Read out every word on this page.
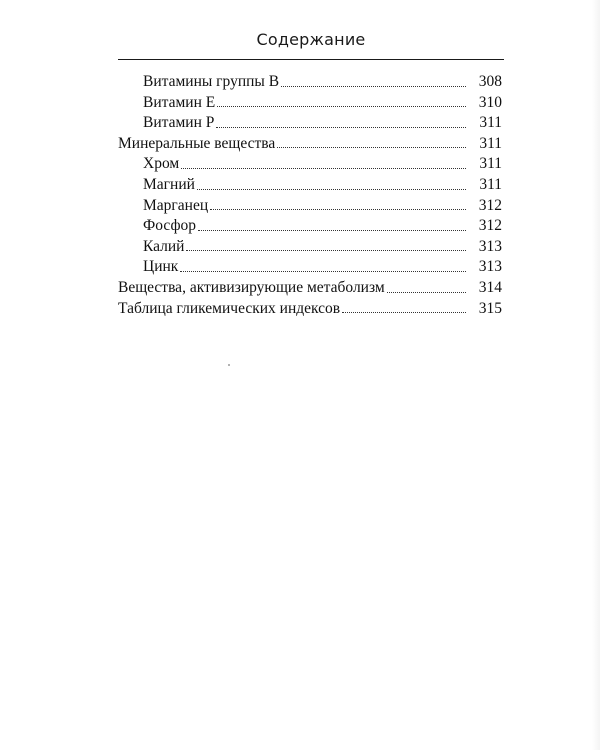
Содержание
Витамины группы В	308
Витамин Е	310
Витамин Р	311
Минеральные вещества	311
Хром	311
Магний	311
Марганец	312
Фосфор	312
Калий	313
Цинк	313
Вещества, активизирующие метаболизм	314
Таблица гликемических индексов	315
